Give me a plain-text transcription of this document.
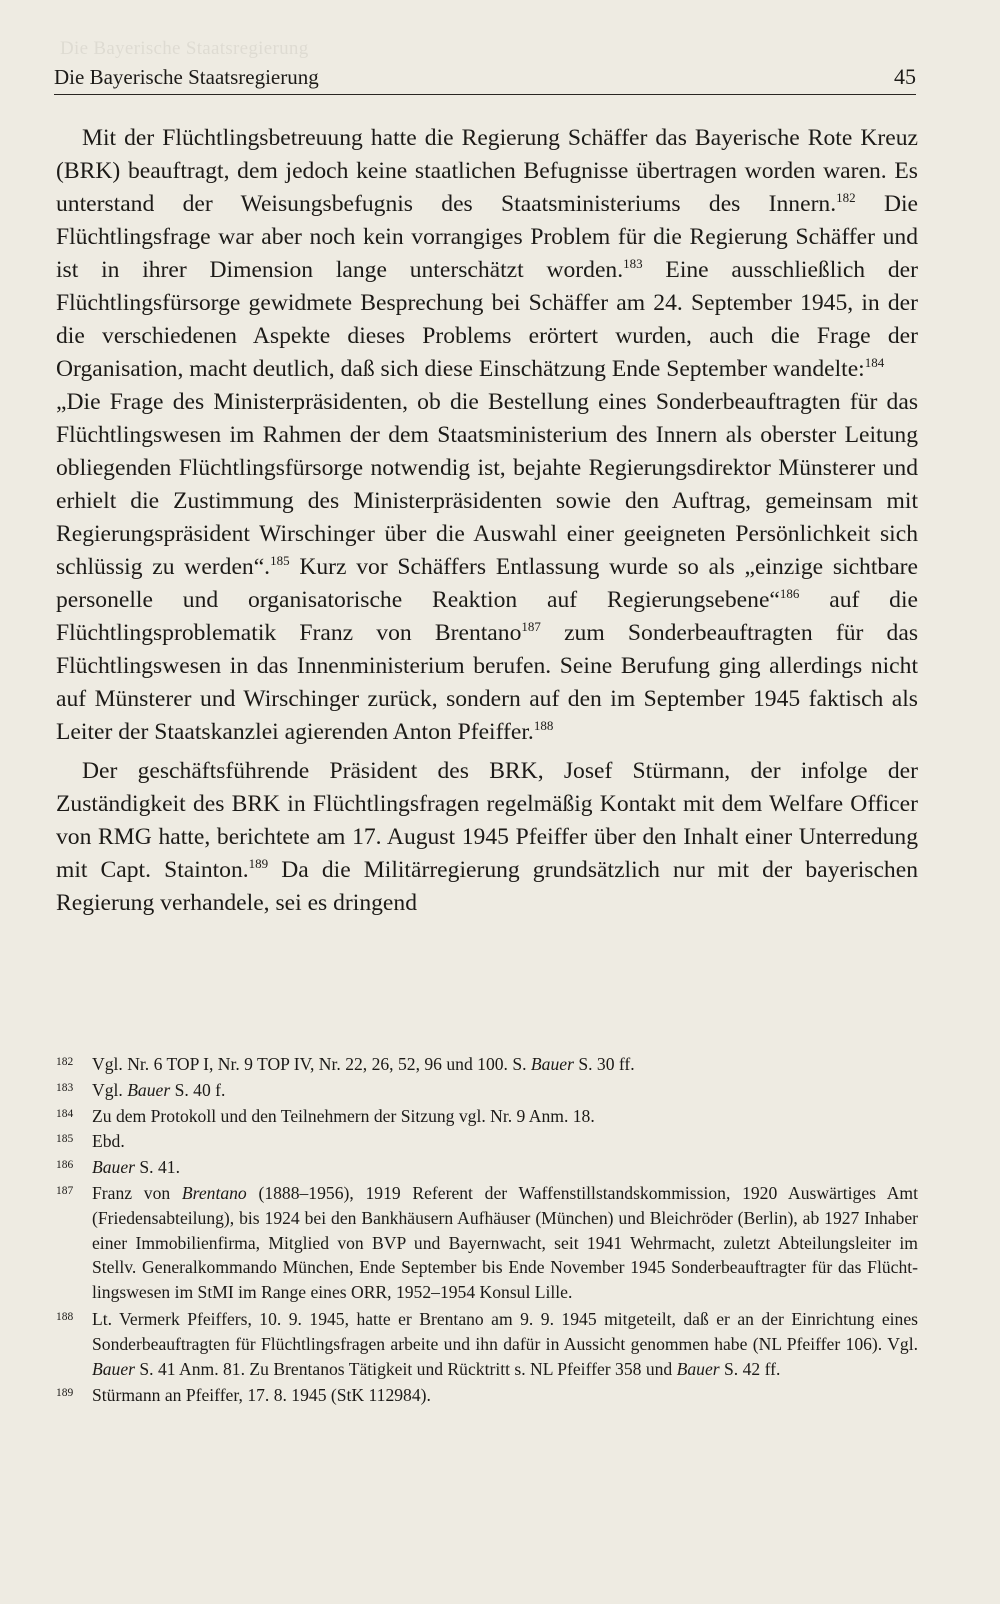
Die Bayerische Staatsregierung
Die Bayerische Staatsregierung	45

Mit der Flüchtlingsbetreuung hatte die Regierung Schäffer das Bayerische Rote Kreuz (BRK) beauftragt, dem jedoch keine staatlichen Befugnisse übertragen worden waren. Es unterstand der Weisungsbefugnis des Staatsministeriums des Innern.$^{182}$ Die Flüchtlingsfrage war aber noch kein vorrangiges Problem für die Regierung Schäffer und ist in ihrer Dimension lange unterschätzt worden.$^{183}$ Eine ausschließlich der Flüchtlingsfürsorge gewidmete Besprechung bei Schäffer am 24. September 1945, in der die verschiedenen Aspekte dieses Problems erörtert wurden, auch die Frage der Organisation, macht deutlich, daß sich diese Einschätzung Ende September wandelte:$^{184}$

„Die Frage des Ministerpräsidenten, ob die Bestellung eines Sonderbeauftragten für das Flüchtlingswesen im Rahmen der dem Staatsministerium des Innern als oberster Leitung obliegenden Flüchtlingsfürsorge notwendig ist, bejahte Regierungsdirektor Münsterer und erhielt die Zustimmung des Ministerpräsidenten sowie den Auftrag, gemeinsam mit Regierungspräsident Wirschinger über die Auswahl einer geeigneten Persönlichkeit sich schlüssig zu werden“.$^{185}$ Kurz vor Schäffers Entlassung wurde so als „einzige sichtbare personelle und organisatorische Reaktion auf Regierungsebene“$^{186}$ auf die Flüchtlingsproblematik Franz von Brentano$^{187}$ zum Sonderbeauftragten für das Flüchtlingswesen in das Innenministerium berufen. Seine Berufung ging allerdings nicht auf Münsterer und Wirschinger zurück, sondern auf den im September 1945 faktisch als Leiter der Staatskanzlei agierenden Anton Pfeiffer.$^{188}$

Der geschäftsführende Präsident des BRK, Josef Stürmann, der infolge der Zuständigkeit des BRK in Flüchtlingsfragen regelmäßig Kontakt mit dem Welfare Officer von RMG hatte, berichtete am 17. August 1945 Pfeiffer über den Inhalt einer Unterredung mit Capt. Stainton.$^{189}$ Da die Militärregierung grundsätzlich nur mit der bayerischen Regierung verhandele, sei es dringend

182	Vgl. Nr. 6 TOP I, Nr. 9 TOP IV, Nr. 22, 26, 52, 96 und 100. S. Bauer S. 30 ff.
183	Vgl. Bauer S. 40 f.
184	Zu dem Protokoll und den Teilnehmern der Sitzung vgl. Nr. 9 Anm. 18.
185	Ebd.
186	Bauer S. 41.
187	Franz von Brentano (1888–1956), 1919 Referent der Waffenstillstandskommission, 1920 Auswärtiges Amt (Friedensabteilung), bis 1924 bei den Bankhäusern Aufhäuser (München) und Bleichröder (Berlin), ab 1927 Inhaber einer Immobilienfirma, Mitglied von BVP und Bayernwacht, seit 1941 Wehrmacht, zuletzt Abteilungsleiter im Stellv. Generalkommando München, Ende September bis Ende November 1945 Sonderbeauftragter für das Flüchtlingswesen im StMI im Range eines ORR, 1952–1954 Konsul Lille.
188	Lt. Vermerk Pfeiffers, 10. 9. 1945, hatte er Brentano am 9. 9. 1945 mitgeteilt, daß er an der Einrichtung eines Sonderbeauftragten für Flüchtlingsfragen arbeite und ihn dafür in Aussicht genommen habe (NL Pfeiffer 106). Vgl. Bauer S. 41 Anm. 81. Zu Brentanos Tätigkeit und Rücktritt s. NL Pfeiffer 358 und Bauer S. 42 ff.
189	Stürmann an Pfeiffer, 17. 8. 1945 (StK 112984).
